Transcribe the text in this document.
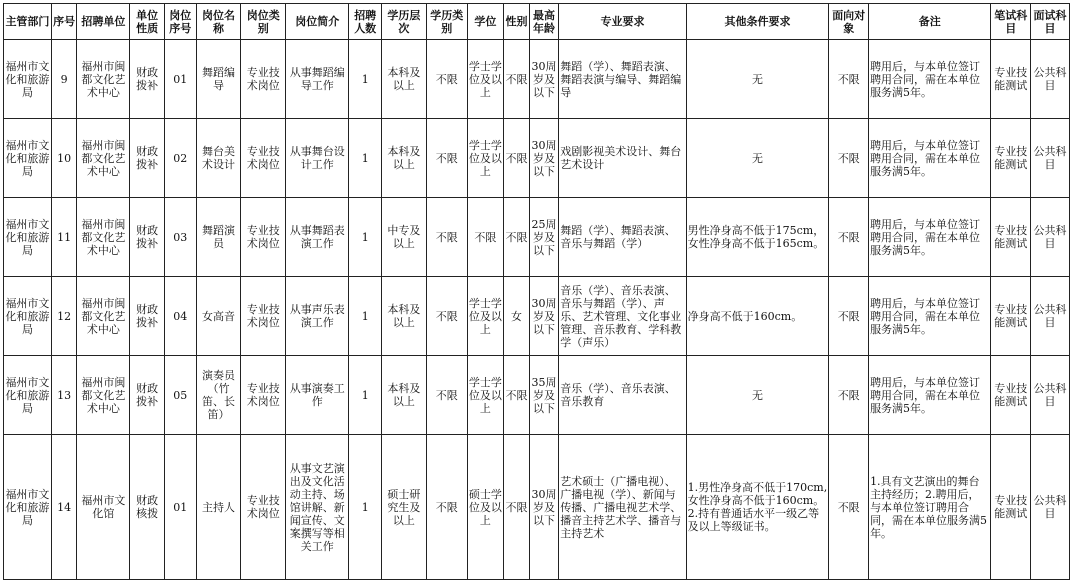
主管部门	序号	招聘单位	单位性质	岗位序号	岗位名称	岗位类别	岗位简介	招聘人数	学历层次	学历类别	学位	性别	最高年龄	专业要求	其他条件要求	面向对象	备注	笔试科目	面试科目
福州市文化和旅游局	9	福州市闽都文化艺术中心	财政拨补	01	舞蹈编导	专业技术岗位	从事舞蹈编导工作	1	本科及以上	不限	学士学位及以上	不限	30周岁及以下	舞蹈（学）、舞蹈表演、舞蹈表演与编导、舞蹈编导	无	不限	聘用后，与本单位签订聘用合同，需在本单位服务满5年。	专业技能测试	公共科目
福州市文化和旅游局	10	福州市闽都文化艺术中心	财政拨补	02	舞台美术设计	专业技术岗位	从事舞台设计工作	1	本科及以上	不限	学士学位及以上	不限	30周岁及以下	戏剧影视美术设计、舞台艺术设计	无	不限	聘用后，与本单位签订聘用合同，需在本单位服务满5年。	专业技能测试	公共科目
福州市文化和旅游局	11	福州市闽都文化艺术中心	财政拨补	03	舞蹈演员	专业技术岗位	从事舞蹈表演工作	1	中专及以上	不限	不限	不限	25周岁及以下	舞蹈（学）、舞蹈表演、音乐与舞蹈（学）	男性净身高不低于175cm，女性净身高不低于165cm。	不限	聘用后，与本单位签订聘用合同，需在本单位服务满5年。	专业技能测试	公共科目
福州市文化和旅游局	12	福州市闽都文化艺术中心	财政拨补	04	女高音	专业技术岗位	从事声乐表演工作	1	本科及以上	不限	学士学位及以上	女	30周岁及以下	音乐（学）、音乐表演、音乐与舞蹈（学）、声乐、艺术管理、文化事业管理、音乐教育、学科教学（声乐）	净身高不低于160cm。	不限	聘用后，与本单位签订聘用合同，需在本单位服务满5年。	专业技能测试	公共科目
福州市文化和旅游局	13	福州市闽都文化艺术中心	财政拨补	05	演奏员（竹笛、长笛）	专业技术岗位	从事演奏工作	1	本科及以上	不限	学士学位及以上	不限	35周岁及以下	音乐（学）、音乐表演、音乐教育	无	不限	聘用后，与本单位签订聘用合同，需在本单位服务满5年。	专业技能测试	公共科目
福州市文化和旅游局	14	福州市文化馆	财政核拨	01	主持人	专业技术岗位	从事文艺演出及文化活动主持、场馆讲解、新闻宣传、文案撰写等相关工作	1	硕士研究生及以上	不限	硕士学位及以上	不限	30周岁及以下	艺术硕士（广播电视）、广播电视（学）、新闻与传播、广播电视艺术学、播音主持艺术学、播音与主持艺术	1.男性净身高不低于170cm,女性净身高不低于160cm。
2.持有普通话水平一级乙等及以上等级证书。	不限	1.具有文艺演出的舞台主持经历；2.聘用后，与本单位签订聘用合同，需在本单位服务满5年。	专业技能测试	公共科目
